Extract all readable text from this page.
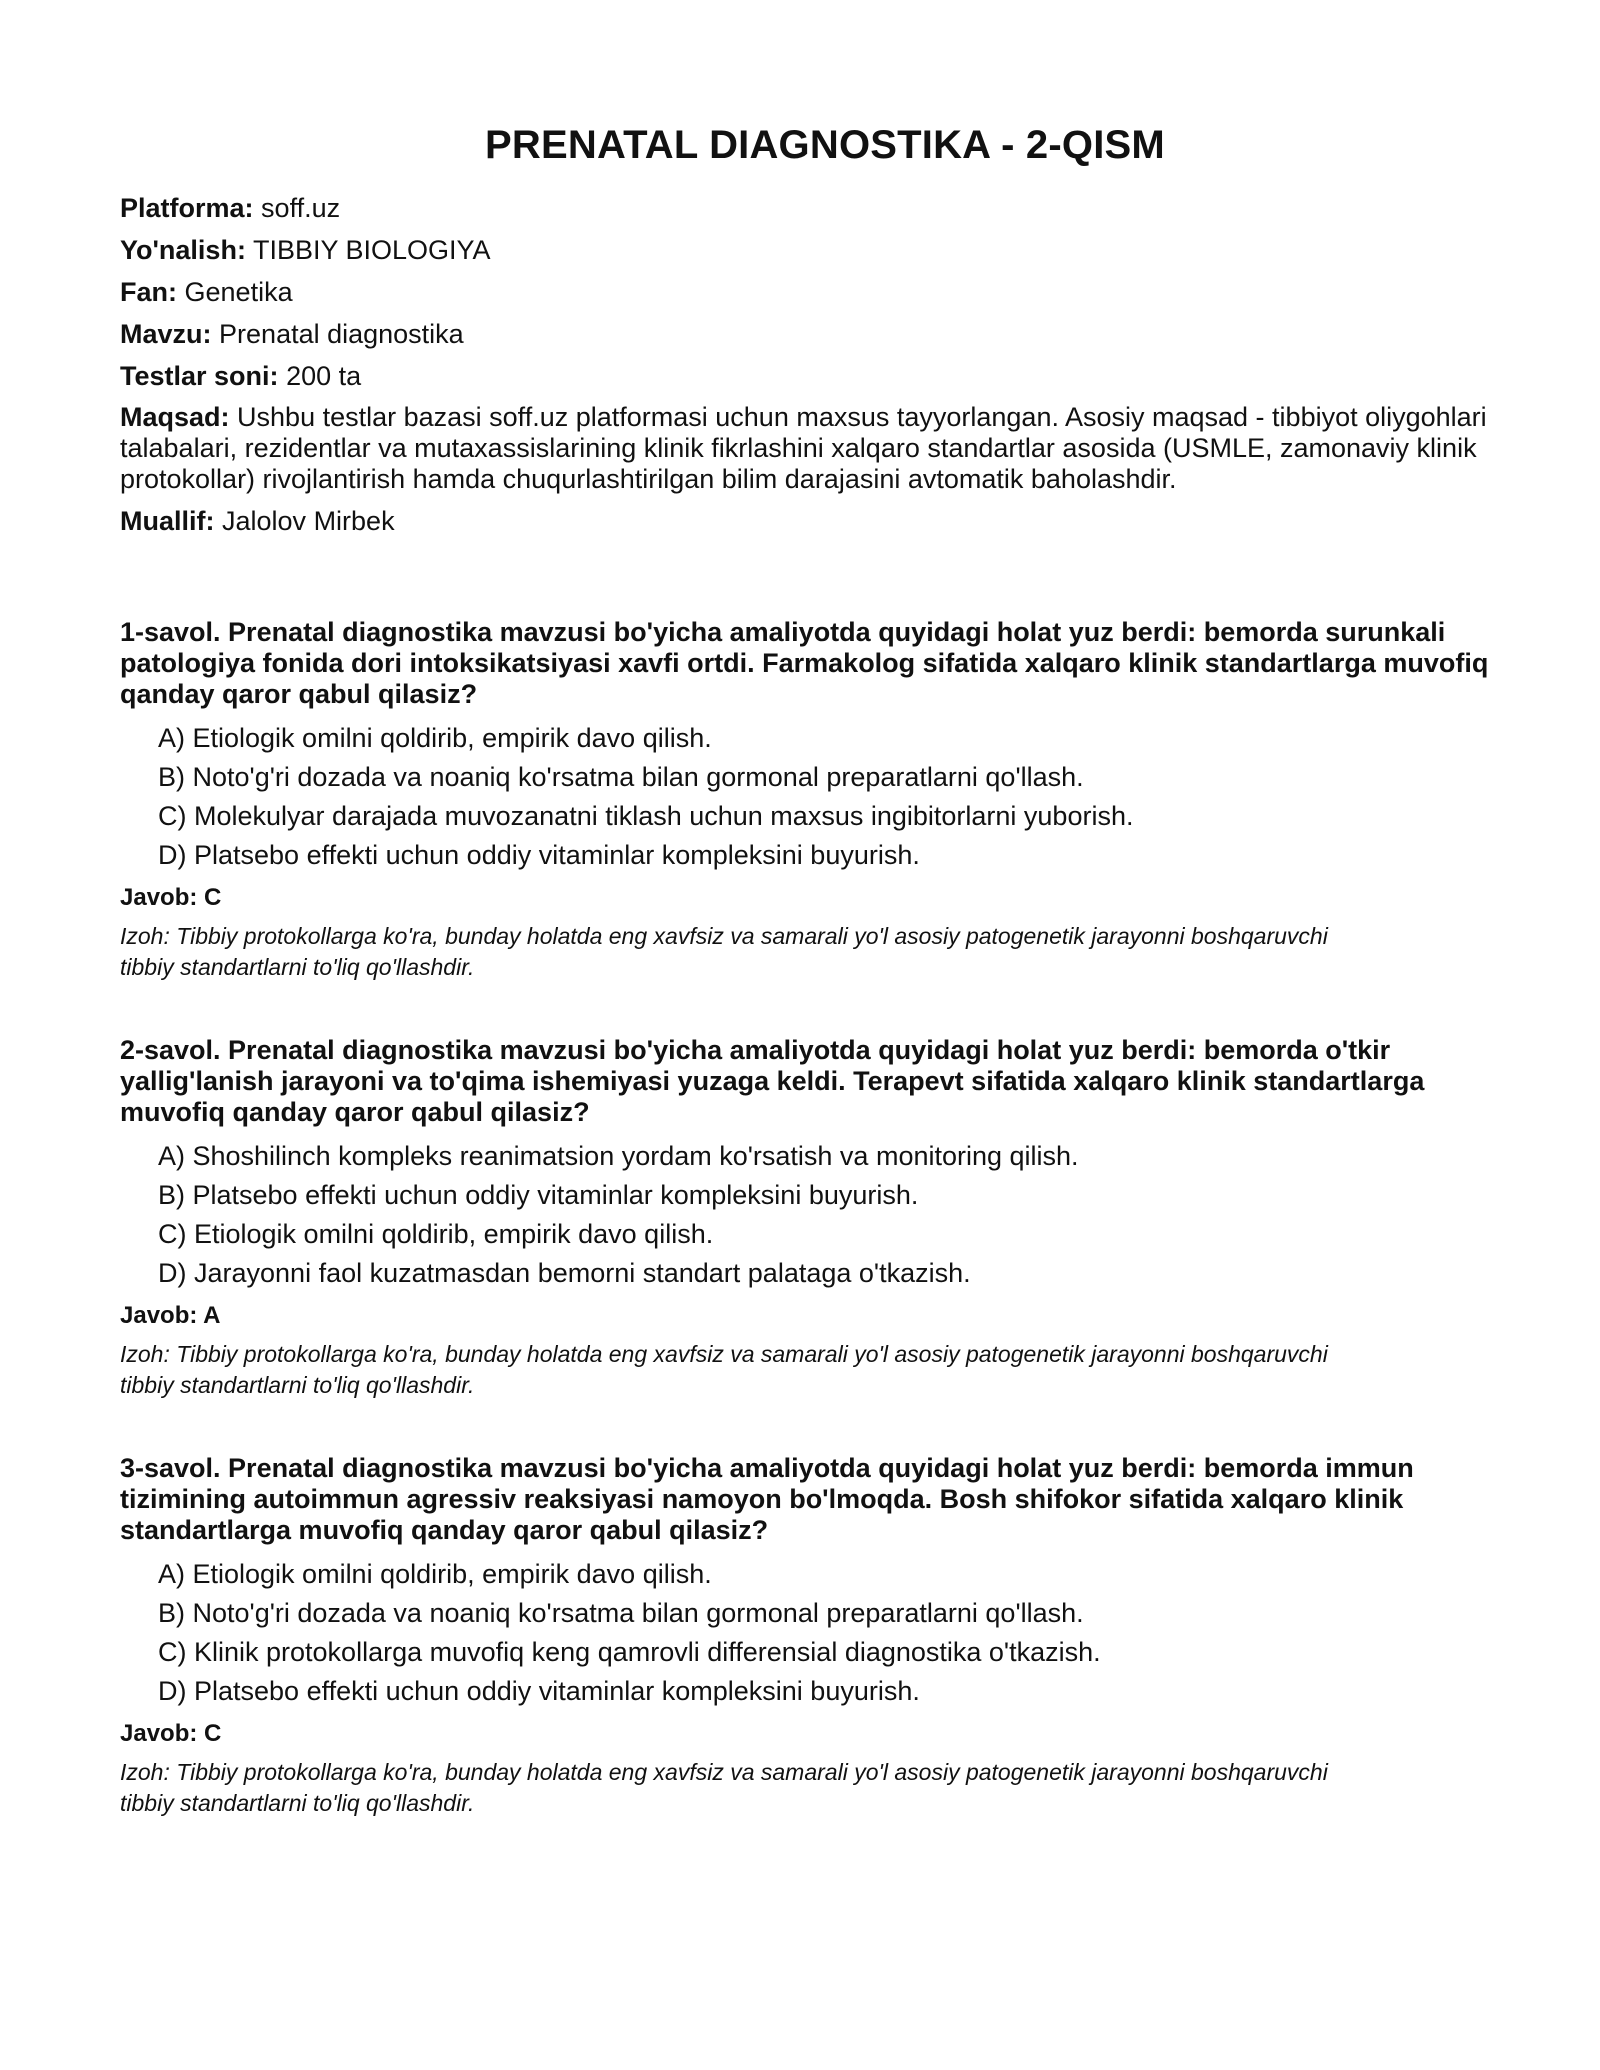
PRENATAL DIAGNOSTIKA - 2-QISM
Platforma: soff.uz
Yo'nalish: TIBBIY BIOLOGIYA
Fan: Genetika
Mavzu: Prenatal diagnostika
Testlar soni: 200 ta
Maqsad: Ushbu testlar bazasi soff.uz platformasi uchun maxsus tayyorlangan. Asosiy maqsad - tibbiyot oliygohlari talabalari, rezidentlar va mutaxassislarining klinik fikrlashini xalqaro standartlar asosida (USMLE, zamonaviy klinik protokollar) rivojlantirish hamda chuqurlashtirilgan bilim darajasini avtomatik baholashdir.
Muallif: Jalolov Mirbek

1-savol. Prenatal diagnostika mavzusi bo'yicha amaliyotda quyidagi holat yuz berdi: bemorda surunkali patologiya fonida dori intoksikatsiyasi xavfi ortdi. Farmakolog sifatida xalqaro klinik standartlarga muvofiq qanday qaror qabul qilasiz?

A) Etiologik omilni qoldirib, empirik davo qilish.
B) Noto'g'ri dozada va noaniq ko'rsatma bilan gormonal preparatlarni qo'llash.
C) Molekulyar darajada muvozanatni tiklash uchun maxsus ingibitorlarni yuborish.
D) Platsebo effekti uchun oddiy vitaminlar kompleksini buyurish.
Javob: C
Izoh: Tibbiy protokollarga ko'ra, bunday holatda eng xavfsiz va samarali yo'l asosiy patogenetik jarayonni boshqaruvchi tibbiy standartlarni to'liq qo'llashdir.

2-savol. Prenatal diagnostika mavzusi bo'yicha amaliyotda quyidagi holat yuz berdi: bemorda o'tkir yallig'lanish jarayoni va to'qima ishemiyasi yuzaga keldi. Terapevt sifatida xalqaro klinik standartlarga muvofiq qanday qaror qabul qilasiz?

A) Shoshilinch kompleks reanimatsion yordam ko'rsatish va monitoring qilish.
B) Platsebo effekti uchun oddiy vitaminlar kompleksini buyurish.
C) Etiologik omilni qoldirib, empirik davo qilish.
D) Jarayonni faol kuzatmasdan bemorni standart palataga o'tkazish.
Javob: A
Izoh: Tibbiy protokollarga ko'ra, bunday holatda eng xavfsiz va samarali yo'l asosiy patogenetik jarayonni boshqaruvchi tibbiy standartlarni to'liq qo'llashdir.

3-savol. Prenatal diagnostika mavzusi bo'yicha amaliyotda quyidagi holat yuz berdi: bemorda immun tizimining autoimmun agressiv reaksiyasi namoyon bo'lmoqda. Bosh shifokor sifatida xalqaro klinik standartlarga muvofiq qanday qaror qabul qilasiz?

A) Etiologik omilni qoldirib, empirik davo qilish.
B) Noto'g'ri dozada va noaniq ko'rsatma bilan gormonal preparatlarni qo'llash.
C) Klinik protokollarga muvofiq keng qamrovli differensial diagnostika o'tkazish.
D) Platsebo effekti uchun oddiy vitaminlar kompleksini buyurish.
Javob: C
Izoh: Tibbiy protokollarga ko'ra, bunday holatda eng xavfsiz va samarali yo'l asosiy patogenetik jarayonni boshqaruvchi tibbiy standartlarni to'liq qo'llashdir.
